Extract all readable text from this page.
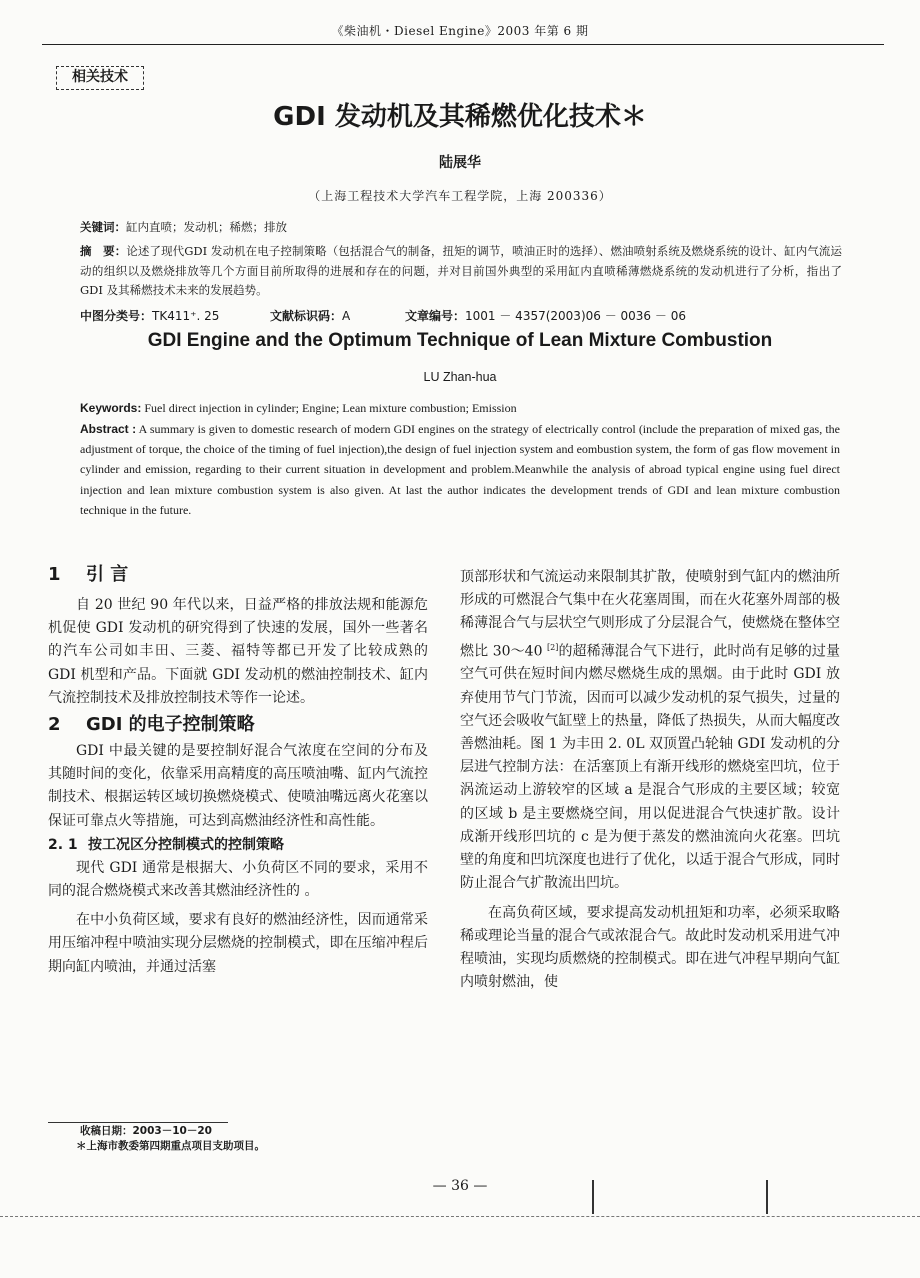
《柴油机・Diesel Engine》2003 年第 6 期
相关技术
GDI 发动机及其稀燃优化技术＊
陆展华
（上海工程技术大学汽车工程学院，上海 200336）
关键词：缸内直喷；发动机；稀燃；排放
摘　要：论述了现代GDI 发动机在电子控制策略（包括混合气的制备，扭矩的调节，喷油正时的选择）、燃油喷射系统及燃烧系统的设计、缸内气流运动的组织以及燃烧排放等几个方面目前所取得的进展和存在的问题，并对目前国外典型的采用缸内直喷稀薄燃烧系统的发动机进行了分析，指出了 GDI 及其稀燃技术未来的发展趋势。
中图分类号：TK411⁺. 25	文献标识码：A	文章编号：1001 － 4357(2003)06 － 0036 － 06
GDI Engine and the Optimum Technique of Lean Mixture Combustion
LU Zhan-hua
Keywords: Fuel direct injection in cylinder; Engine; Lean mixture combustion; Emission
Abstract : A summary is given to domestic research of modern GDI engines on the strategy of electrically control (include the preparation of mixed gas, the adjustment of torque, the choice of the timing of fuel injection),the design of fuel injection system and eombustion system, the form of gas flow movement in cylinder and emission, regarding to their current situation in development and problem.Meanwhile the analysis of abroad typical engine using fuel direct injection and lean mixture combustion system is also given. At last the author indicates the development trends of GDI and lean mixture combustion technique in the future.
1 引 言

自 20 世纪 90 年代以来，日益严格的排放法规和能源危机促使 GDI 发动机的研究得到了快速的发展，国外一些著名的汽车公司如丰田、三菱、福特等都已开发了比较成熟的 GDI 机型和产品。下面就 GDI 发动机的燃油控制技术、缸内气流控制技术及排放控制技术等作一论述。

2 GDI 的电子控制策略

GDI 中最关键的是要控制好混合气浓度在空间的分布及其随时间的变化，依靠采用高精度的高压喷油嘴、缸内气流控制技术、根据运转区域切换燃烧模式、使喷油嘴远离火花塞以保证可靠点火等措施，可达到高燃油经济性和高性能。

2. 1 按工况区分控制模式的控制策略

现代 GDI 通常是根据大、小负荷区不同的要求，采用不同的混合燃烧模式来改善其燃油经济性的 。

在中小负荷区域，要求有良好的燃油经济性，因而通常采用压缩冲程中喷油实现分层燃烧的控制模式，即在压缩冲程后期向缸内喷油，并通过活塞

顶部形状和气流运动来限制其扩散，使喷射到气缸内的燃油所形成的可燃混合气集中在火花塞周围，而在火花塞外周部的极稀薄混合气与层状空气则形成了分层混合气，使燃烧在整体空燃比 30～40 [2]的超稀薄混合气下进行，此时尚有足够的过量空气可供在短时间内燃尽燃烧生成的黑烟。由于此时 GDI 放弃使用节气门节流，因而可以减少发动机的泵气损失，过量的空气还会吸收气缸壁上的热量，降低了热损失，从而大幅度改善燃油耗。图 1 为丰田 2. 0L 双顶置凸轮轴 GDI 发动机的分层进气控制方法：在活塞顶上有渐开线形的燃烧室凹坑，位于涡流运动上游较窄的区域 a 是混合气形成的主要区域；较宽的区域 b 是主要燃烧空间，用以促进混合气快速扩散。设计成渐开线形凹坑的 c 是为便于蒸发的燃油流向火花塞。凹坑壁的角度和凹坑深度也进行了优化，以适于混合气形成，同时防止混合气扩散流出凹坑。

在高负荷区域，要求提高发动机扭矩和功率，必须采取略稀或理论当量的混合气或浓混合气。故此时发动机采用进气冲程喷油，实现均质燃烧的控制模式。即在进气冲程早期向气缸内喷射燃油，使

收稿日期：2003－10－20
＊上海市教委第四期重点项目支助项目。
— 36 —
